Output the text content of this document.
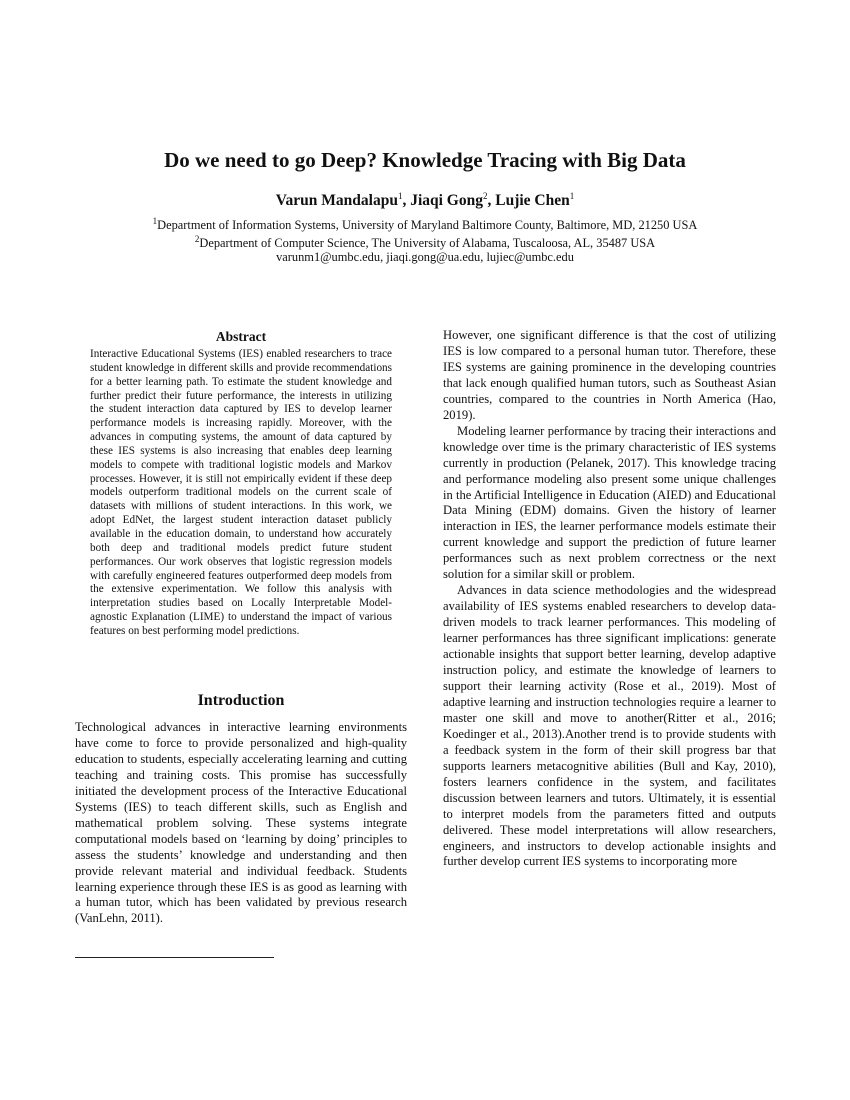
Do we need to go Deep? Knowledge Tracing with Big Data
Varun Mandalapu$^1$, Jiaqi Gong$^2$, Lujie Chen$^1$
$^1$Department of Information Systems, University of Maryland Baltimore County, Baltimore, MD, 21250 USA
$^2$Department of Computer Science, The University of Alabama, Tuscaloosa, AL, 35487 USA
varunm1@umbc.edu, jiaqi.gong@ua.edu, lujiec@umbc.edu
Abstract
Interactive Educational Systems (IES) enabled researchers to trace student knowledge in different skills and provide recommendations for a better learning path. To estimate the student knowledge and further predict their future performance, the interests in utilizing the student interaction data captured by IES to develop learner performance models is increasing rapidly. Moreover, with the advances in computing systems, the amount of data captured by these IES systems is also increasing that enables deep learning models to compete with traditional logistic models and Markov processes. However, it is still not empirically evident if these deep models outperform traditional models on the current scale of datasets with millions of student interactions. In this work, we adopt EdNet, the largest student interaction dataset publicly available in the education domain, to understand how accurately both deep and traditional models predict future student performances. Our work observes that logistic regression models with carefully engineered features outperformed deep models from the extensive experimentation. We follow this analysis with interpretation studies based on Locally Interpretable Model-agnostic Explanation (LIME) to understand the impact of various features on best performing model predictions.
Introduction
Technological advances in interactive learning environments have come to force to provide personalized and high-quality education to students, especially accelerating learning and cutting teaching and training costs. This promise has successfully initiated the development process of the Interactive Educational Systems (IES) to teach different skills, such as English and mathematical problem solving. These systems integrate computational models based on ‘learning by doing’ principles to assess the students’ knowledge and understanding and then provide relevant material and individual feedback. Students learning experience through these IES is as good as learning with a human tutor, which has been validated by previous research (VanLehn, 2011).

However, one significant difference is that the cost of utilizing IES is low compared to a personal human tutor. Therefore, these IES systems are gaining prominence in the developing countries that lack enough qualified human tutors, such as Southeast Asian countries, compared to the countries in North America (Hao, 2019).

Modeling learner performance by tracing their interactions and knowledge over time is the primary characteristic of IES systems currently in production (Pelanek, 2017). This knowledge tracing and performance modeling also present some unique challenges in the Artificial Intelligence in Education (AIED) and Educational Data Mining (EDM) domains. Given the history of learner interaction in IES, the learner performance models estimate their current knowledge and support the prediction of future learner performances such as next problem correctness or the next solution for a similar skill or problem.

Advances in data science methodologies and the widespread availability of IES systems enabled researchers to develop data-driven models to track learner performances. This modeling of learner performances has three significant implications: generate actionable insights that support better learning, develop adaptive instruction policy, and estimate the knowledge of learners to support their learning activity (Rose et al., 2019). Most of adaptive learning and instruction technologies require a learner to master one skill and move to another(Ritter et al., 2016; Koedinger et al., 2013).Another trend is to provide students with a feedback system in the form of their skill progress bar that supports learners metacognitive abilities (Bull and Kay, 2010), fosters learners confidence in the system, and facilitates discussion between learners and tutors. Ultimately, it is essential to interpret models from the parameters fitted and outputs delivered. These model interpretations will allow researchers, engineers, and instructors to develop actionable insights and further develop current IES systems to incorporating more
